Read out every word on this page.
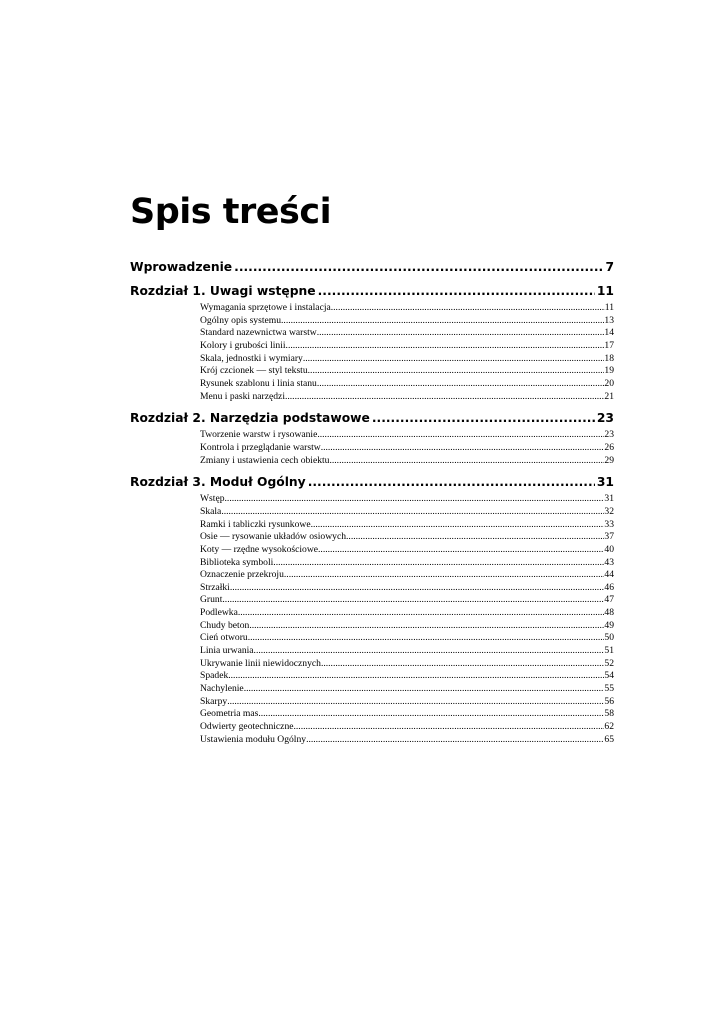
Spis treści
Wprowadzenie .....	7
Rozdział 1. Uwagi wstępne .....	11
Wymagania sprzętowe i instalacja .....	11
Ogólny opis systemu .....	13
Standard nazewnictwa warstw .....	14
Kolory i grubości linii .....	17
Skala, jednostki i wymiary .....	18
Krój czcionek — styl tekstu .....	19
Rysunek szablonu i linia stanu .....	20
Menu i paski narzędzi .....	21
Rozdział 2. Narzędzia podstawowe .....	23
Tworzenie warstw i rysowanie .....	23
Kontrola i przeglądanie warstw .....	26
Zmiany i ustawienia cech obiektu .....	29
Rozdział 3. Moduł Ogólny .....	31
Wstęp .....	31
Skala .....	32
Ramki i tabliczki rysunkowe .....	33
Osie — rysowanie układów osiowych .....	37
Koty — rzędne wysokościowe .....	40
Biblioteka symboli .....	43
Oznaczenie przekroju .....	44
Strzałki .....	46
Grunt .....	47
Podlewka .....	48
Chudy beton .....	49
Cień otworu .....	50
Linia urwania .....	51
Ukrywanie linii niewidocznych .....	52
Spadek .....	54
Nachylenie .....	55
Skarpy .....	56
Geometria mas .....	58
Odwierty geotechniczne .....	62
Ustawienia modułu Ogólny .....	65
